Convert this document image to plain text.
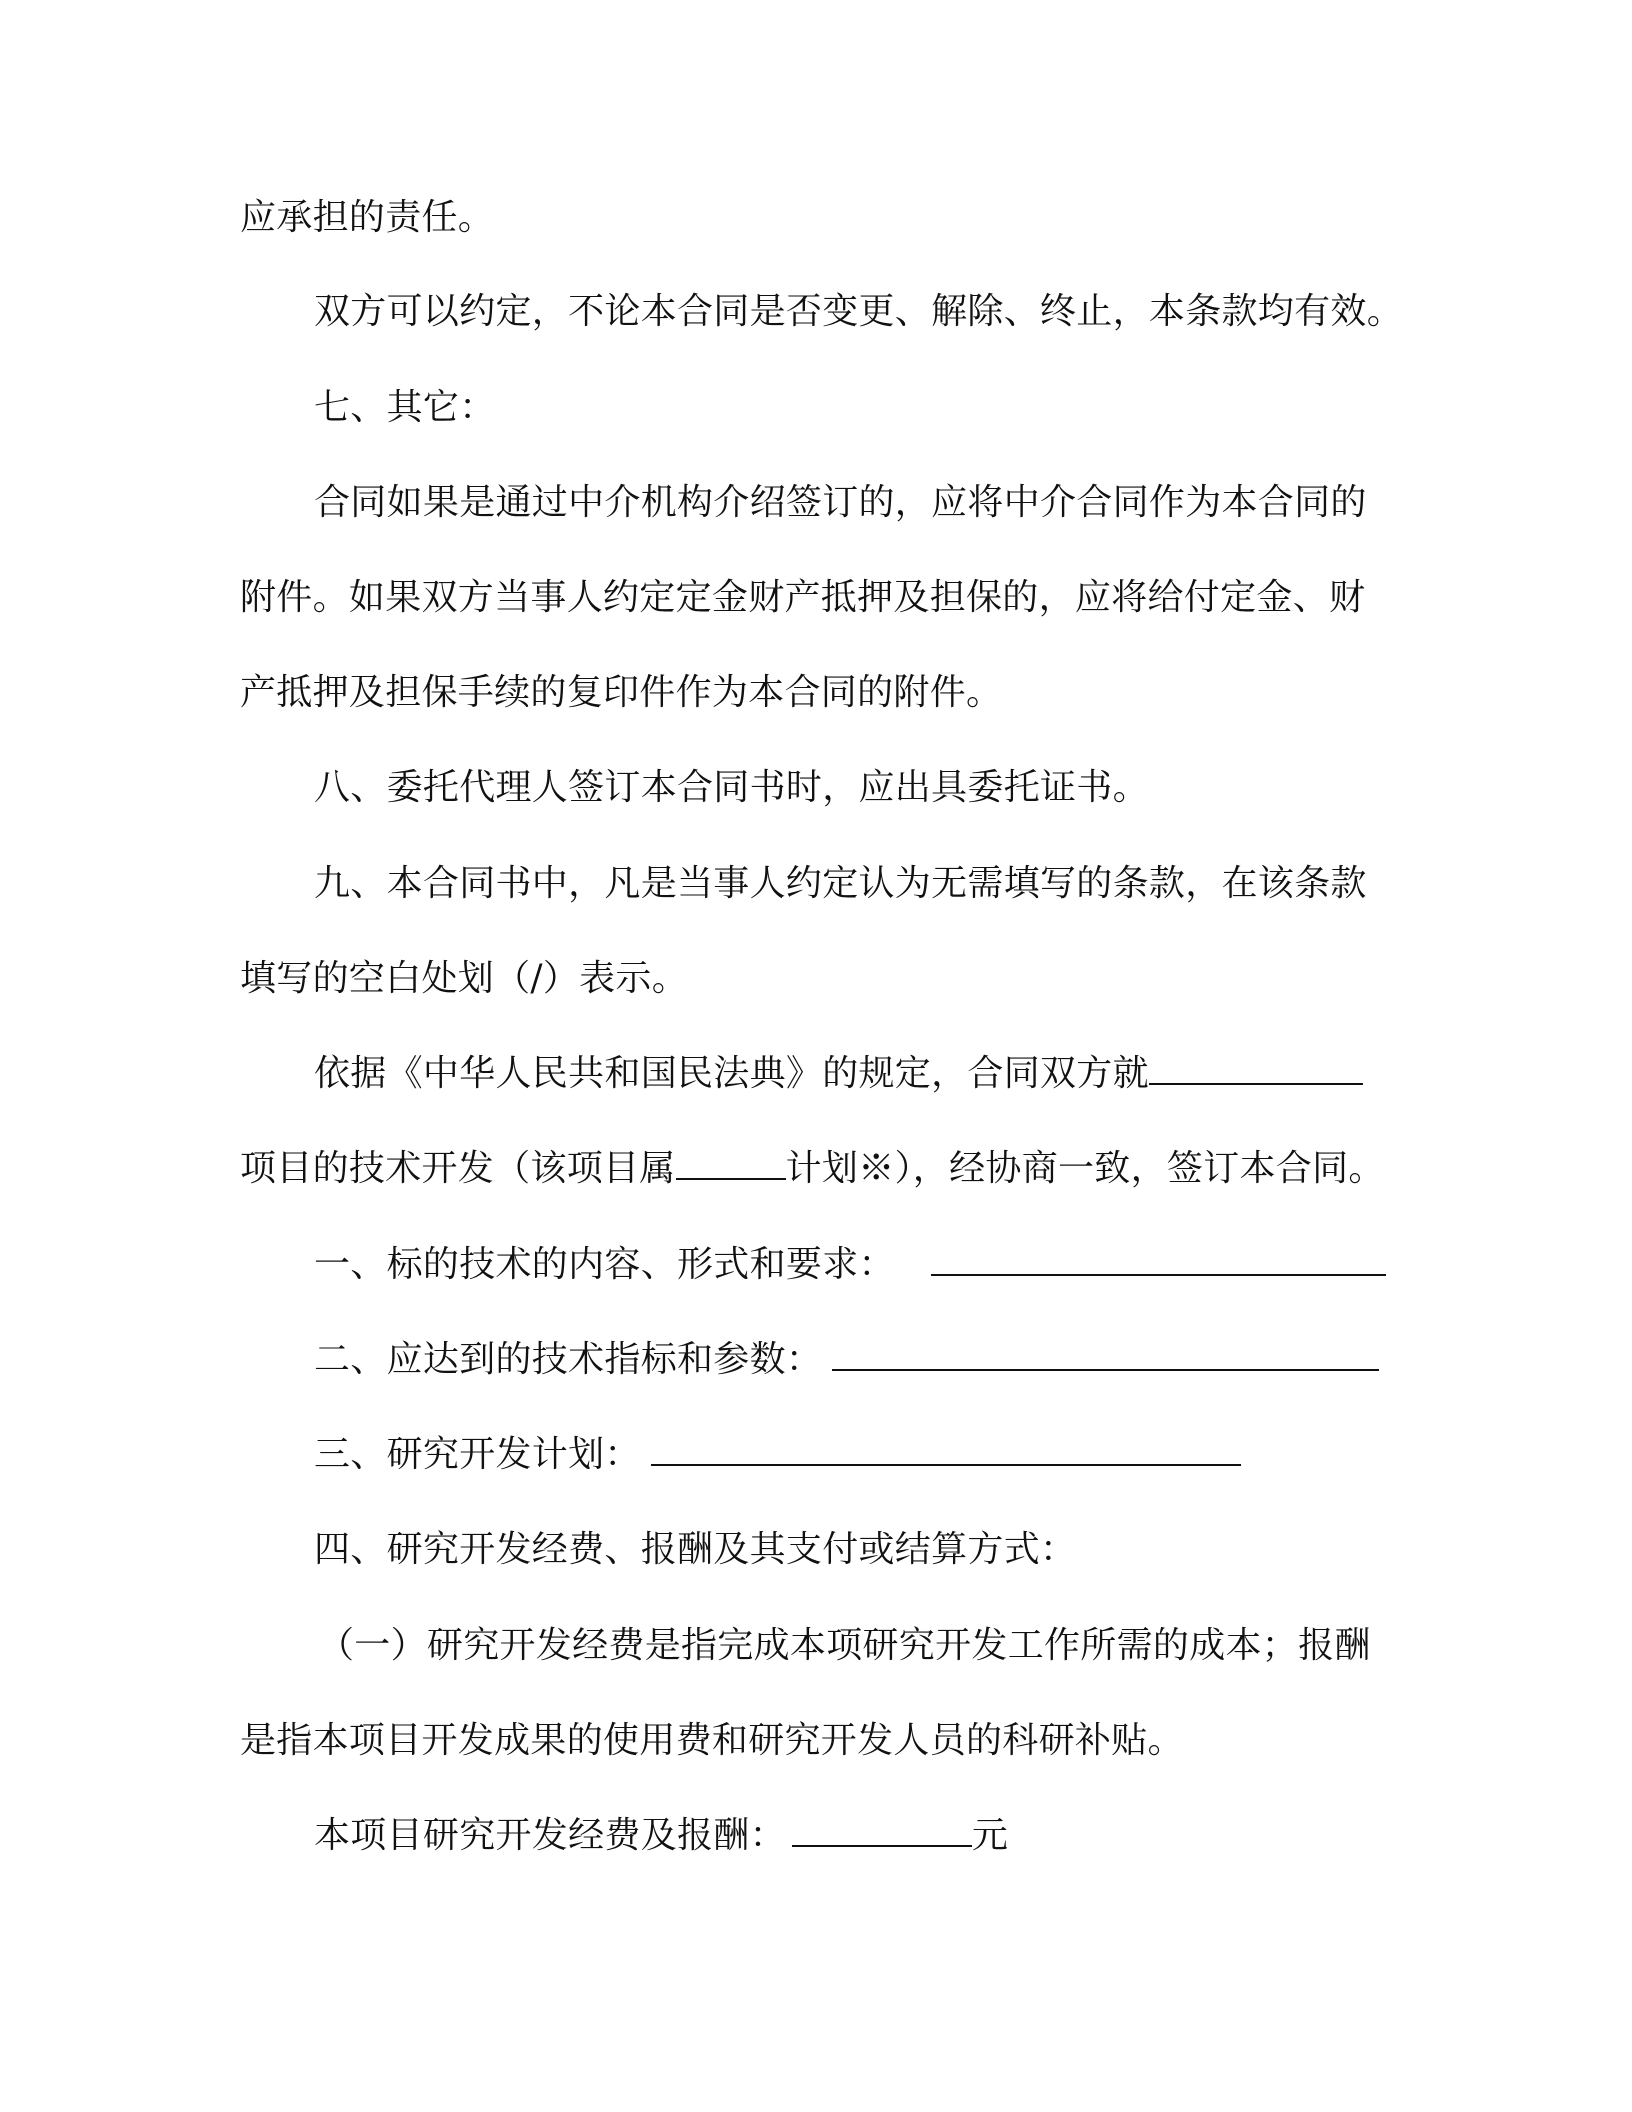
应承担的责任。
双方可以约定，不论本合同是否变更、解除、终止，本条款均有效。
七、其它：
合同如果是通过中介机构介绍签订的，应将中介合同作为本合同的
附件。如果双方当事人约定定金财产抵押及担保的，应将给付定金、财
产抵押及担保手续的复印件作为本合同的附件。
八、委托代理人签订本合同书时，应出具委托证书。
九、本合同书中，凡是当事人约定认为无需填写的条款，在该条款
填写的空白处划（/）表示。
依据《中华人民共和国民法典》的规定，合同双方就
项目的技术开发（该项目属	计划※），经协商一致，签订本合同。
一、标的技术的内容、形式和要求：
二、应达到的技术指标和参数：
三、研究开发计划：
四、研究开发经费、报酬及其支付或结算方式：
（一）研究开发经费是指完成本项研究开发工作所需的成本；报酬
是指本项目开发成果的使用费和研究开发人员的科研补贴。
本项目研究开发经费及报酬：	元
